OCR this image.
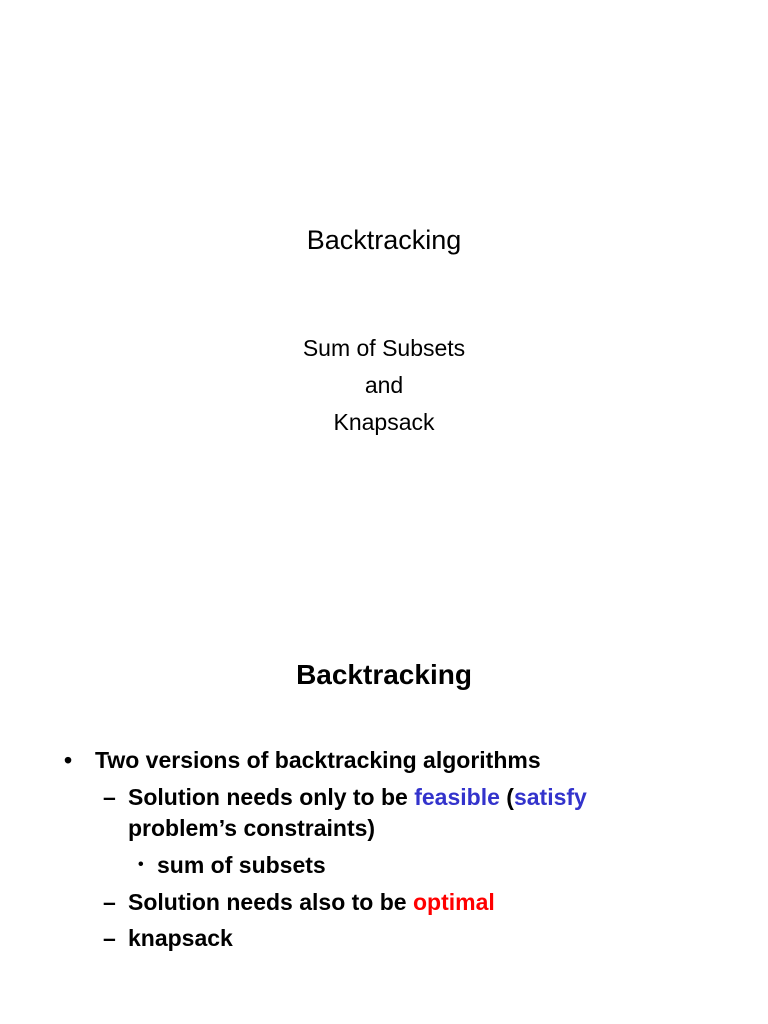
Backtracking
Sum of Subsets
and
Knapsack
Backtracking
• Two versions of backtracking algorithms
– Solution needs only to be feasible (satisfy
problem’s constraints)
• sum of subsets
– Solution needs also to be optimal
– knapsack
